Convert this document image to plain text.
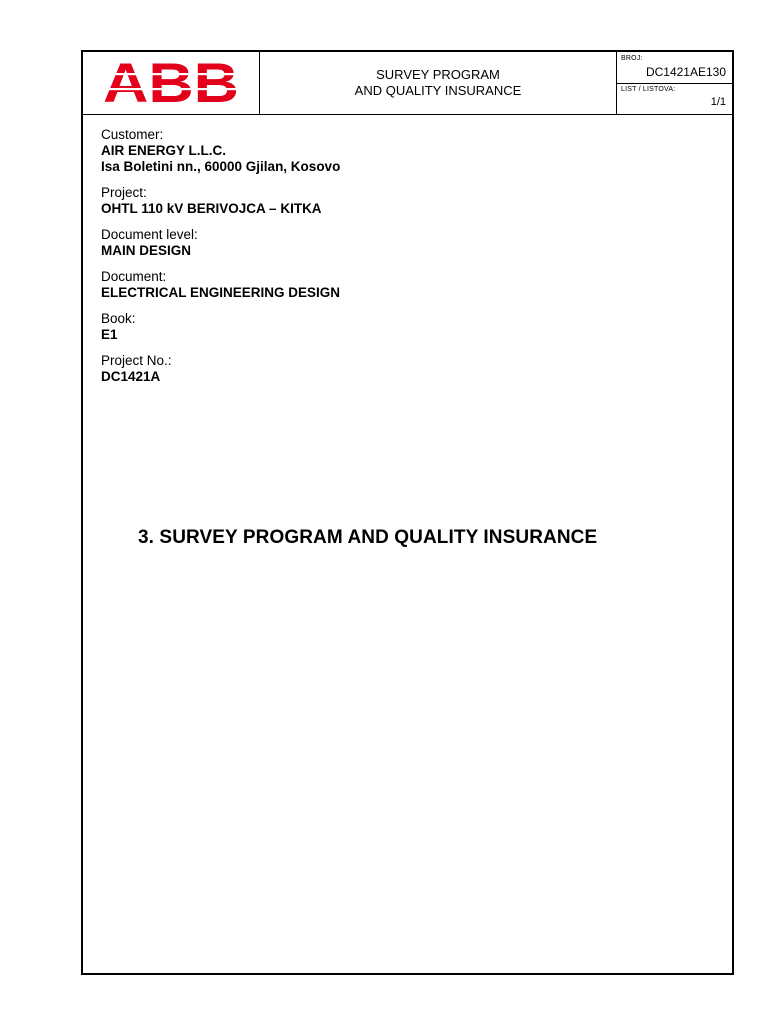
SURVEY PROGRAM
AND QUALITY INSURANCE
BROJ:
DC1421AE130
LIST / LISTOVA:
1/1
Customer:
AIR ENERGY L.L.C.
Isa Boletini nn., 60000 Gjilan, Kosovo
Project:
OHTL 110 kV BERIVOJCA – KITKA
Document level:
MAIN DESIGN
Document:
ELECTRICAL ENGINEERING DESIGN
Book:
E1
Project No.:
DC1421A
3. SURVEY PROGRAM AND QUALITY INSURANCE
